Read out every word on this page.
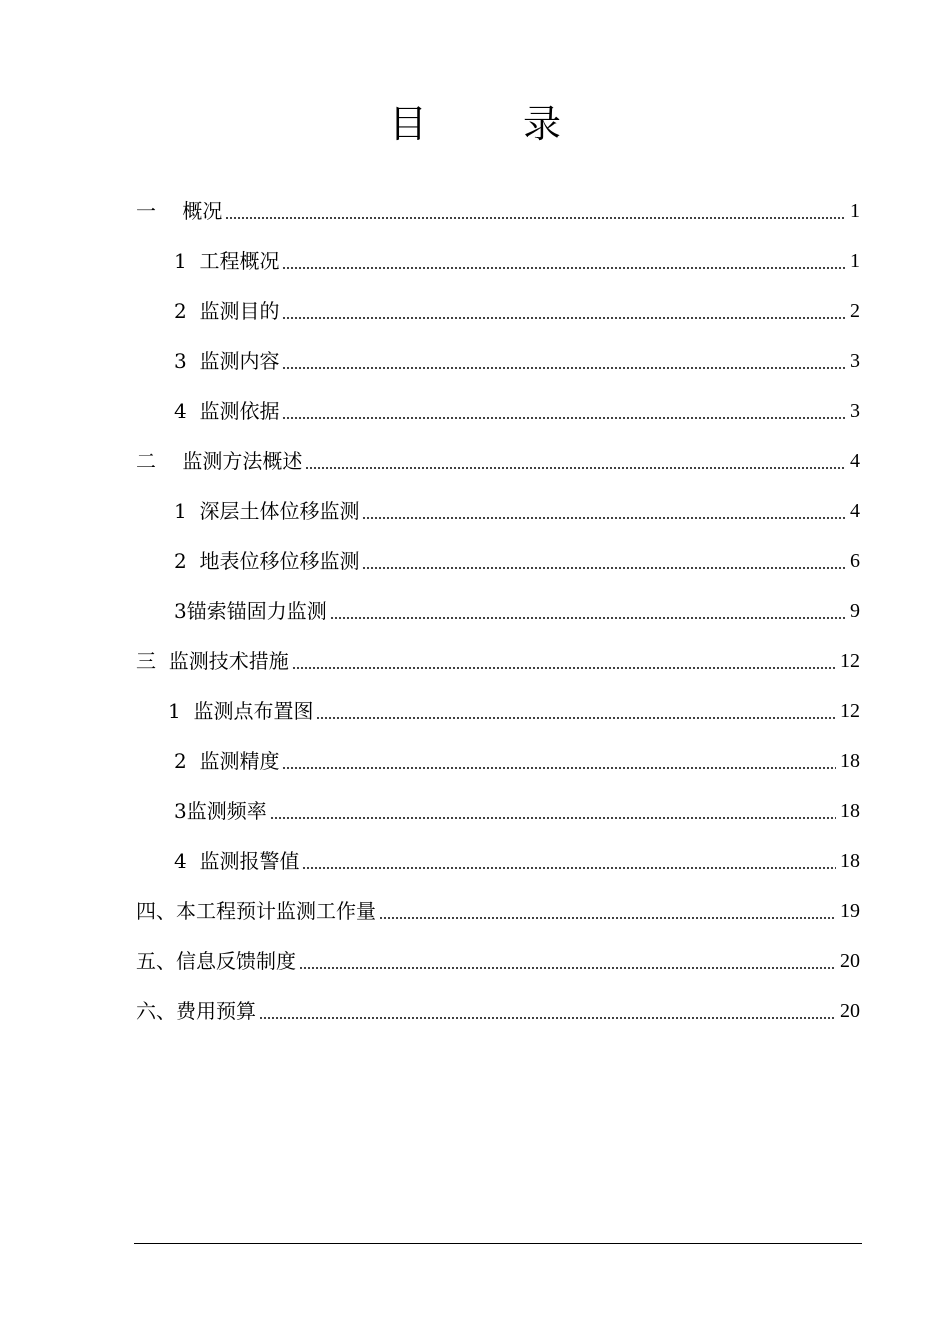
目	录
一　 概况	1
1  工程概况	1
2  监测目的	2
3  监测内容	3
4  监测依据	3
二　 监测方法概述	4
1  深层土体位移监测	4
2  地表位移位移监测	6
3锚索锚固力监测	9
三  监测技术措施	12
1  监测点布置图	12
2  监测精度	18
3监测频率	18
4  监测报警值	18
四、本工程预计监测工作量	19
五、信息反馈制度	20
六、费用预算	20
